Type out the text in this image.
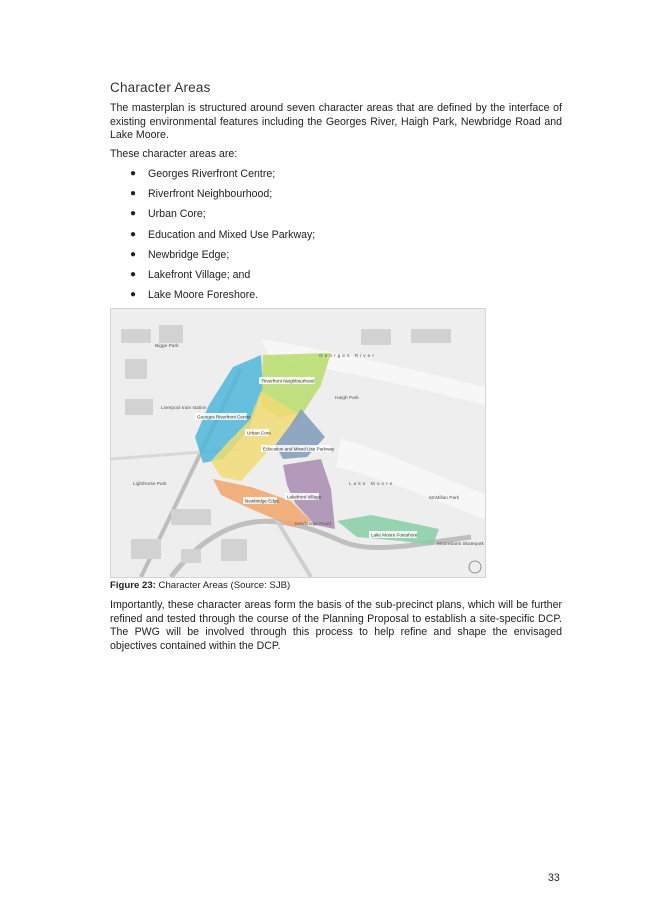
Character Areas

The masterplan is structured around seven character areas that are defined by the interface of existing environmental features including the Georges River, Haigh Park, Newbridge Road and Lake Moore.

These character areas are:

● Georges Riverfront Centre;
● Riverfront Neighbourhood;
● Urban Core;
● Education and Mixed Use Parkway;
● Newbridge Edge;
● Lakefront Village; and
● Lake Moore Foreshore.
Riverfront Neighbourhood
Georges Riverfront Centre
Urban Core
Education and Mixed Use Parkway
Newbridge Edge
Lakefront Village
Lake Moore Foreshore
Bigge Park
Georges River
Haigh Park
Liverpool train station
Lighthorse Park	Lake Moore
McMillan Park
Newbridge Road
Moorebank Skatepark
Figure 23: Character Areas (Source: SJB)

Importantly, these character areas form the basis of the sub-precinct plans, which will be further refined and tested through the course of the Planning Proposal to establish a site-specific DCP. The PWG will be involved through this process to help refine and shape the envisaged objectives contained within the DCP.

33
